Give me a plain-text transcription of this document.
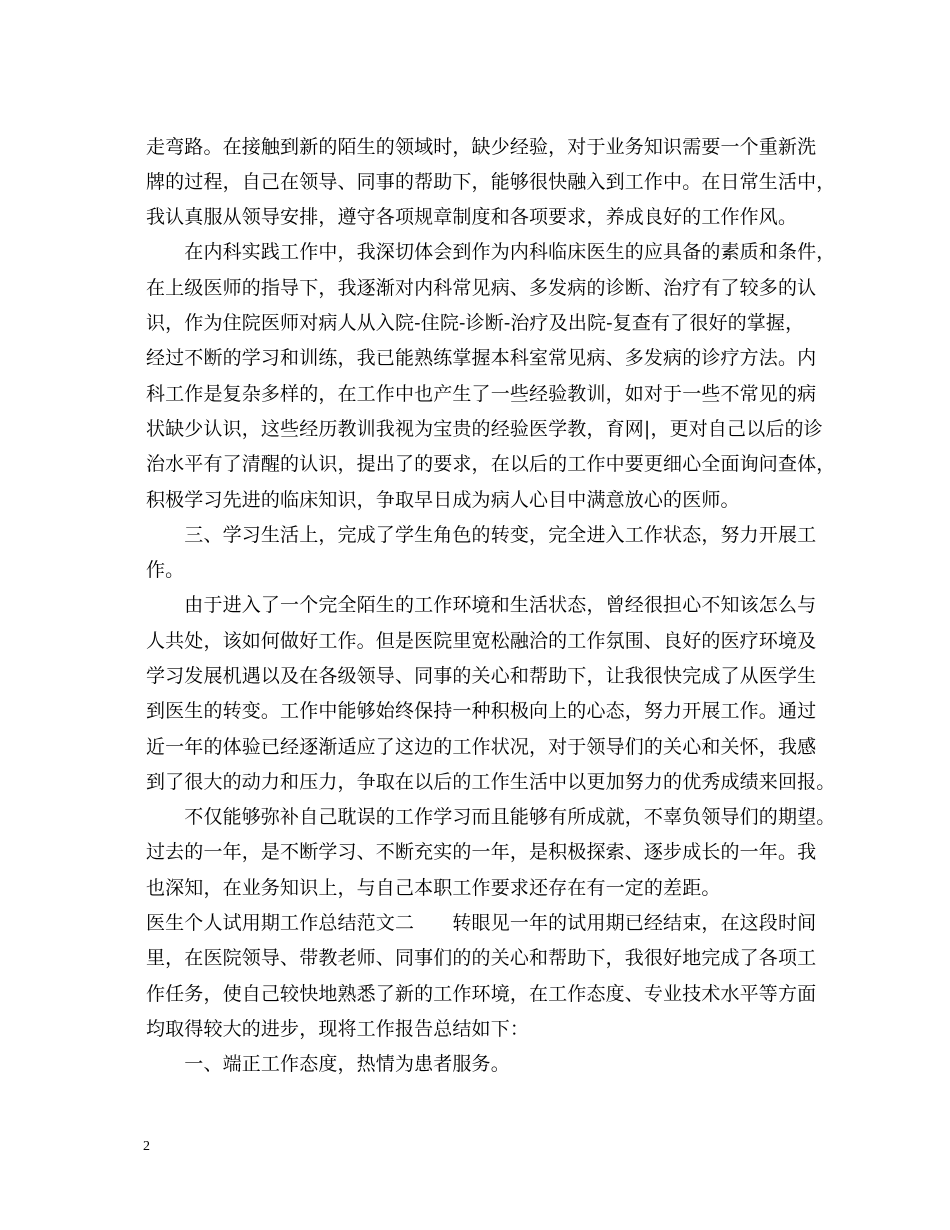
走弯路。在接触到新的陌生的领域时，缺少经验，对于业务知识需要一个重新洗
牌的过程，自己在领导、同事的帮助下，能够很快融入到工作中。在日常生活中，
我认真服从领导安排，遵守各项规章制度和各项要求，养成良好的工作作风。
　　在内科实践工作中，我深切体会到作为内科临床医生的应具备的素质和条件，
在上级医师的指导下，我逐渐对内科常见病、多发病的诊断、治疗有了较多的认
识，作为住院医师对病人从入院-住院-诊断-治疗及出院-复查有了很好的掌握，
经过不断的学习和训练，我已能熟练掌握本科室常见病、多发病的诊疗方法。内
科工作是复杂多样的，在工作中也产生了一些经验教训，如对于一些不常见的病
状缺少认识，这些经历教训我视为宝贵的经验医学教，育网|，更对自己以后的诊
治水平有了清醒的认识，提出了的要求，在以后的工作中要更细心全面询问查体，
积极学习先进的临床知识，争取早日成为病人心目中满意放心的医师。
　　三、学习生活上，完成了学生角色的转变，完全进入工作状态，努力开展工
作。
　　由于进入了一个完全陌生的工作环境和生活状态，曾经很担心不知该怎么与
人共处，该如何做好工作。但是医院里宽松融洽的工作氛围、良好的医疗环境及
学习发展机遇以及在各级领导、同事的关心和帮助下，让我很快完成了从医学生
到医生的转变。工作中能够始终保持一种积极向上的心态，努力开展工作。通过
近一年的体验已经逐渐适应了这边的工作状况，对于领导们的关心和关怀，我感
到了很大的动力和压力，争取在以后的工作生活中以更加努力的优秀成绩来回报。
　　不仅能够弥补自己耽误的工作学习而且能够有所成就，不辜负领导们的期望。
过去的一年，是不断学习、不断充实的一年，是积极探索、逐步成长的一年。我
也深知，在业务知识上，与自己本职工作要求还存在有一定的差距。
医生个人试用期工作总结范文二　　转眼见一年的试用期已经结束，在这段时间
里，在医院领导、带教老师、同事们的的关心和帮助下，我很好地完成了各项工
作任务，使自己较快地熟悉了新的工作环境，在工作态度、专业技术水平等方面
均取得较大的进步，现将工作报告总结如下：
　　一、端正工作态度，热情为患者服务。
2
